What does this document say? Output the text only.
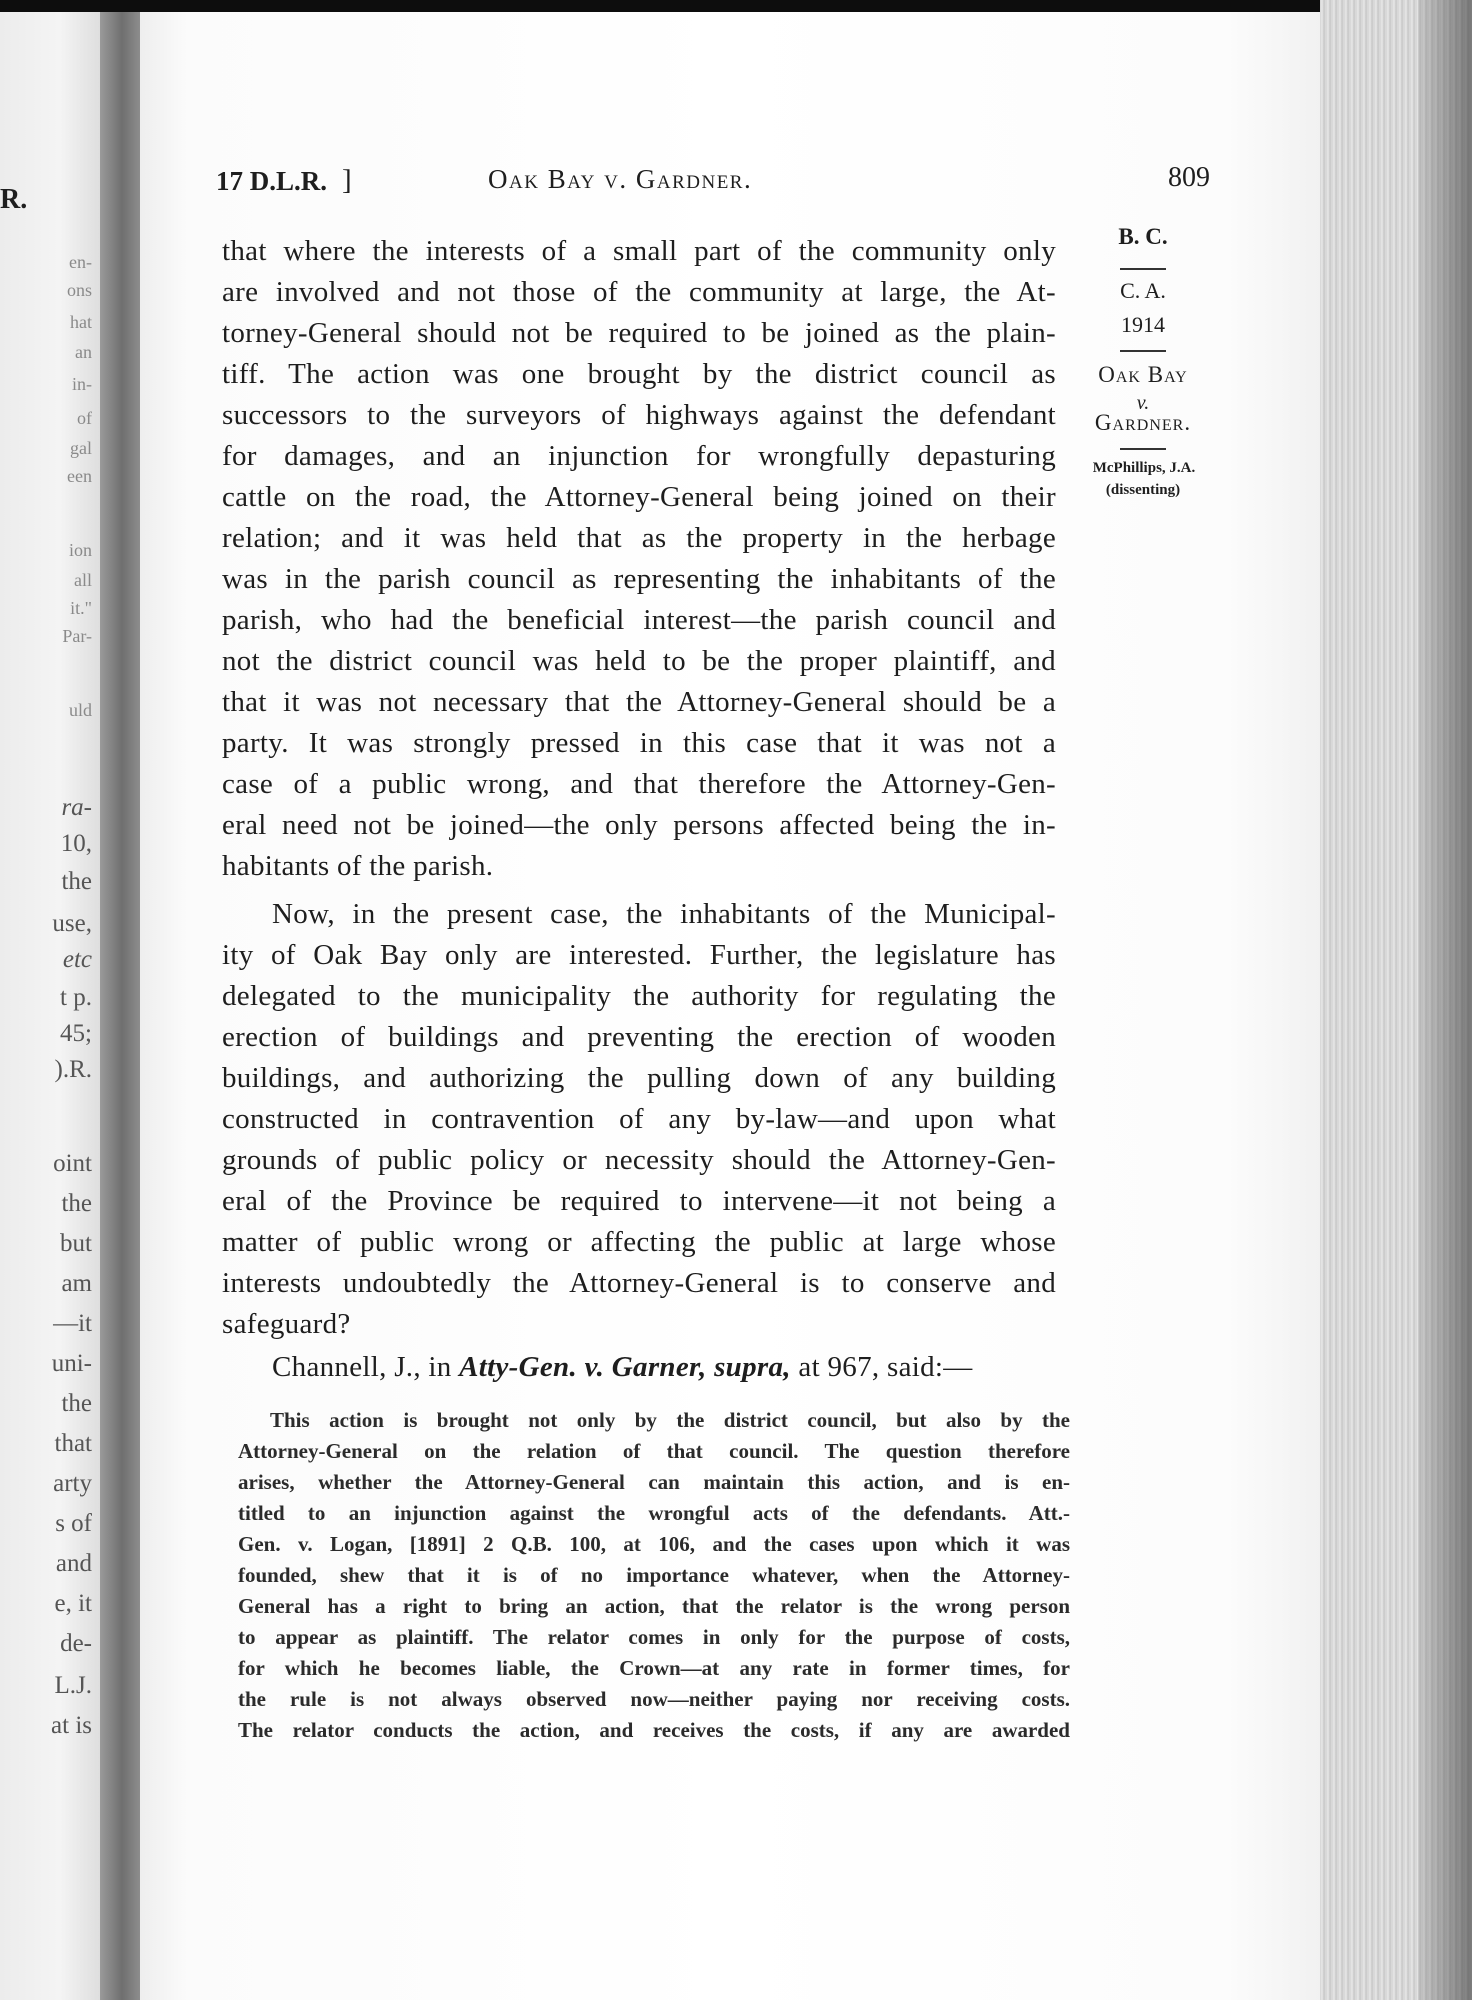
R.
en-
ons
hat
an
in-
of
gal
een
ion
all
it."
Par-
uld
ra-
10,
the
use,
etc
t p.
45;
).R.
oint
the
but
am
—it
uni-
the
that
arty
s of
and
e, it
de-
L.J.
at is
17 D.L.R. ]	Oak Bay v. Gardner.	809
B. C.
C. A.
1914
Oak Bay
v.
Gardner.
McPhillips, J.A.
(dissenting)
that where the interests of a small part of the community only
are involved and not those of the community at large, the At-
torney-General should not be required to be joined as the plain-
tiff. The action was one brought by the district council as
successors to the surveyors of highways against the defendant
for damages, and an injunction for wrongfully depasturing
cattle on the road, the Attorney-General being joined on their
relation; and it was held that as the property in the herbage
was in the parish council as representing the inhabitants of the
parish, who had the beneficial interest—the parish council and
not the district council was held to be the proper plaintiff, and
that it was not necessary that the Attorney-General should be a
party. It was strongly pressed in this case that it was not a
case of a public wrong, and that therefore the Attorney-Gen-
eral need not be joined—the only persons affected being the in-
habitants of the parish.
Now, in the present case, the inhabitants of the Municipal-
ity of Oak Bay only are interested. Further, the legislature has
delegated to the municipality the authority for regulating the
erection of buildings and preventing the erection of wooden
buildings, and authorizing the pulling down of any building
constructed in contravention of any by-law—and upon what
grounds of public policy or necessity should the Attorney-Gen-
eral of the Province be required to intervene—it not being a
matter of public wrong or affecting the public at large whose
interests undoubtedly the Attorney-General is to conserve and
safeguard?
Channell, J., in Atty-Gen. v. Garner, supra, at 967, said:—
This action is brought not only by the district council, but also by the
Attorney-General on the relation of that council. The question therefore
arises, whether the Attorney-General can maintain this action, and is en-
titled to an injunction against the wrongful acts of the defendants. Att.-
Gen. v. Logan, [1891] 2 Q.B. 100, at 106, and the cases upon which it was
founded, shew that it is of no importance whatever, when the Attorney-
General has a right to bring an action, that the relator is the wrong person
to appear as plaintiff. The relator comes in only for the purpose of costs,
for which he becomes liable, the Crown—at any rate in former times, for
the rule is not always observed now—neither paying nor receiving costs.
The relator conducts the action, and receives the costs, if any are awarded
